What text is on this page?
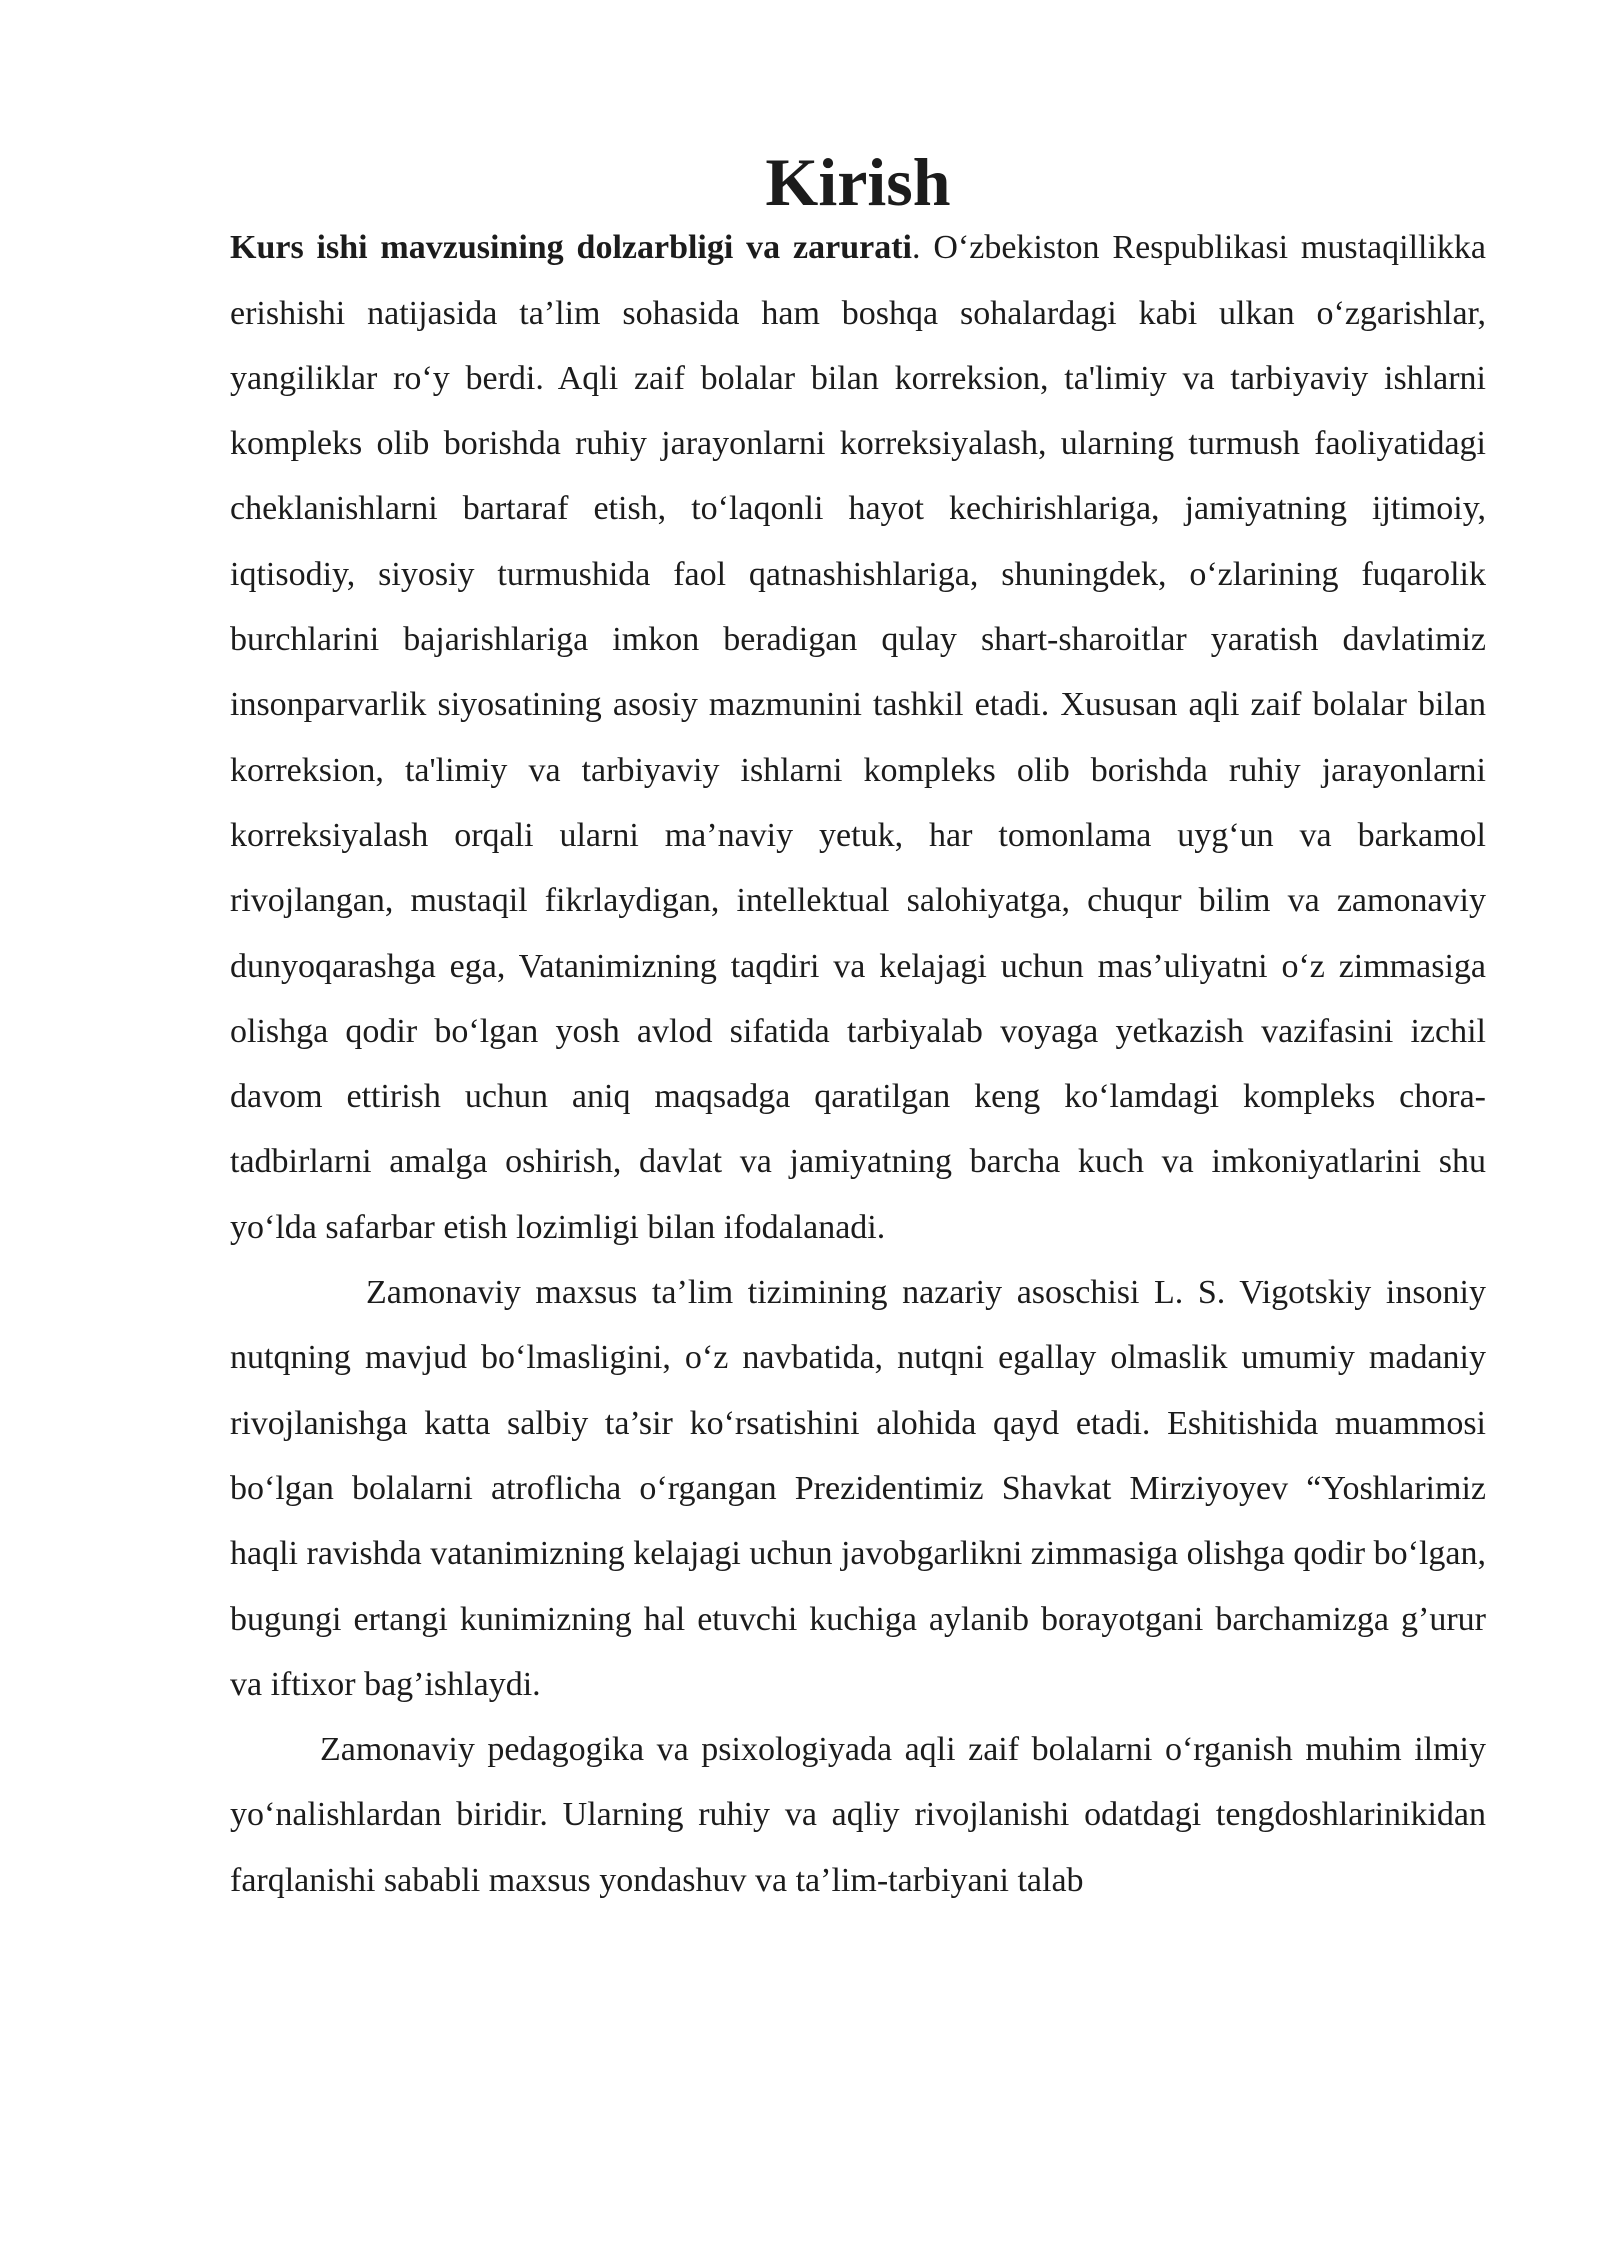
Kirish

Kurs ishi mavzusining dolzarbligi va zarurati. O‘zbekiston Respublikasi mustaqillikka erishishi natijasida ta’lim sohasida ham boshqa sohalardagi kabi ulkan o‘zgarishlar, yangiliklar ro‘y berdi. Aqli zaif bolalar bilan korreksion, ta'limiy va tarbiyaviy ishlarni kompleks olib borishda ruhiy jarayonlarni korreksiyalash, ularning turmush faoliyatidagi cheklanishlarni bartaraf etish, to‘laqonli hayot kechirishlariga, jamiyatning ijtimoiy, iqtisodiy, siyosiy turmushida faol qatnashishlariga, shuningdek, o‘zlarining fuqarolik burchlarini bajarishlariga imkon beradigan qulay shart-sharoitlar yaratish davlatimiz insonparvarlik siyosatining asosiy mazmunini tashkil etadi. Xususan aqli zaif bolalar bilan korreksion, ta'limiy va tarbiyaviy ishlarni kompleks olib borishda ruhiy jarayonlarni korreksiyalash orqali ularni ma’naviy yetuk, har tomonlama uyg‘un va barkamol rivojlangan, mustaqil fikrlaydigan, intellektual salohiyatga, chuqur bilim va zamonaviy dunyoqarashga ega, Vatanimizning taqdiri va kelajagi uchun mas’uliyatni o‘z zimmasiga olishga qodir bo‘lgan yosh avlod sifatida tarbiyalab voyaga yetkazish vazifasini izchil davom ettirish uchun aniq maqsadga qaratilgan keng ko‘lamdagi kompleks chora-tadbirlarni amalga oshirish, davlat va jamiyatning barcha kuch va imkoniyatlarini shu yo‘lda safarbar etish lozimligi bilan ifodalanadi.

Zamonaviy maxsus ta’lim tizimining nazariy asoschisi L. S. Vigotskiy insoniy nutqning mavjud bo‘lmasligini, o‘z navbatida, nutqni egallay olmaslik umumiy madaniy rivojlanishga katta salbiy ta’sir ko‘rsatishini alohida qayd etadi. Eshitishida muammosi bo‘lgan bolalarni atroflicha o‘rgangan Prezidentimiz Shavkat Mirziyoyev “Yoshlarimiz haqli ravishda vatanimizning kelajagi uchun javobgarlikni zimmasiga olishga qodir bo‘lgan, bugungi ertangi kunimizning hal etuvchi kuchiga aylanib borayotgani barchamizga g’urur va iftixor bag’ishlaydi.

Zamonaviy pedagogika va psixologiyada aqli zaif bolalarni o‘rganish muhim ilmiy yo‘nalishlardan biridir. Ularning ruhiy va aqliy rivojlanishi odatdagi tengdoshlarinikidan farqlanishi sababli maxsus yondashuv va ta’lim-tarbiyani talab
